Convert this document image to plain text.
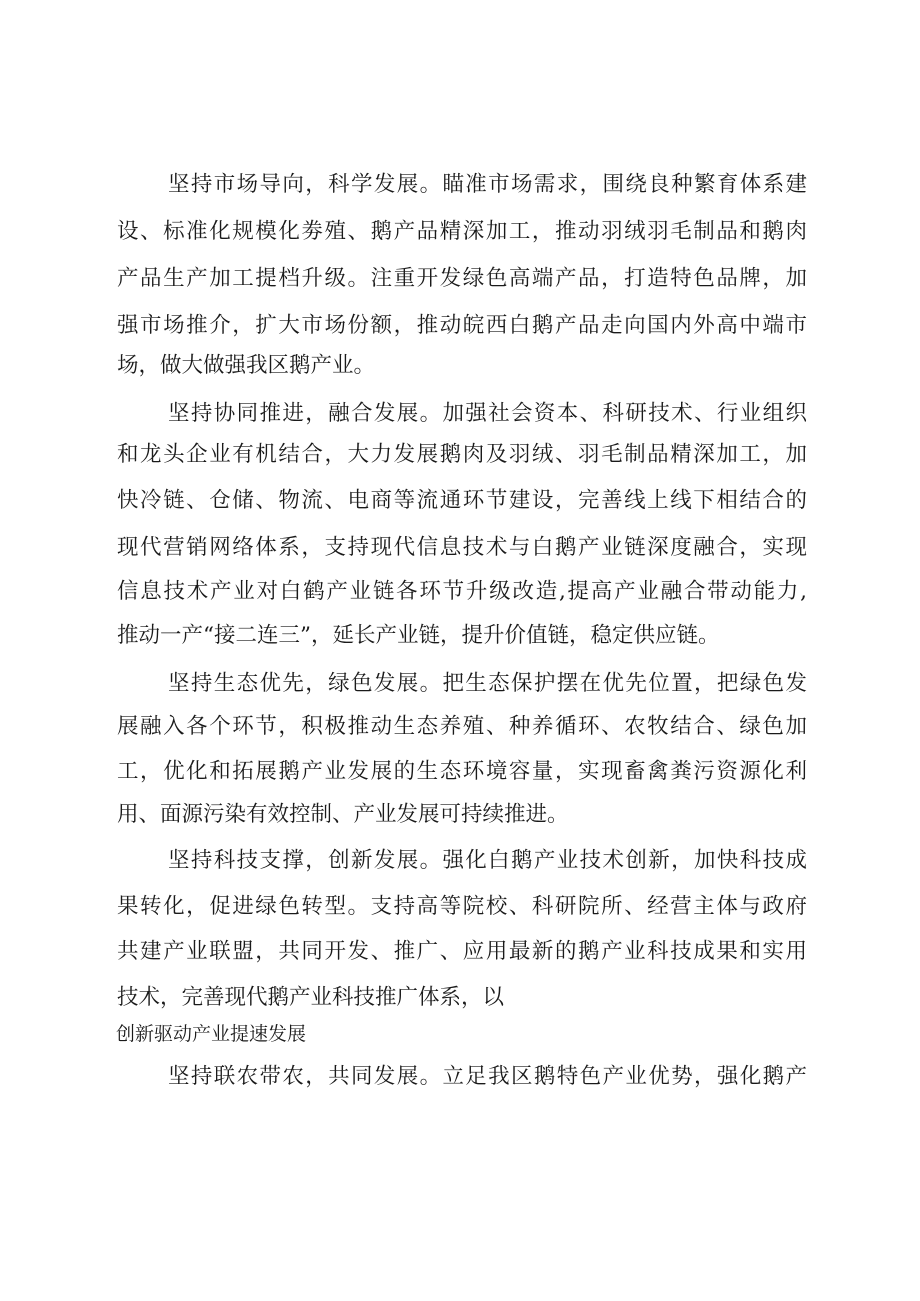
坚持市场导向，科学发展。瞄准市场需求，围绕良种繁育体系建
设、标准化规模化劵殖、鹅产品精深加工，推动羽绒羽毛制品和鹅肉
产品生产加工提档升级。注重开发绿色高端产品，打造特色品牌，加
强市场推介，扩大市场份额，推动皖西白鹅产品走向国内外高中端市
场，做大做强我区鹅产业。
坚持协同推进，融合发展。加强社会资本、科研技术、行业组织
和龙头企业有机结合，大力发展鹅肉及羽绒、羽毛制品精深加工，加
快冷链、仓储、物流、电商等流通环节建设，完善线上线下相结合的
现代营销网络体系，支持现代信息技术与白鹅产业链深度融合，实现
信息技术产业对白鹤产业链各环节升级改造,提高产业融合带动能力,
推动一产“接二连三”，延长产业链，提升价值链，稳定供应链。
坚持生态优先，绿色发展。把生态保护摆在优先位置，把绿色发
展融入各个环节，积极推动生态养殖、种养循环、农牧结合、绿色加
工，优化和拓展鹅产业发展的生态环境容量，实现畜禽粪污资源化利
用、面源污染有效控制、产业发展可持续推进。
坚持科技支撑，创新发展。强化白鹅产业技术创新，加快科技成
果转化，促进绿色转型。支持高等院校、科研院所、经营主体与政府
共建产业联盟，共同开发、推广、应用最新的鹅产业科技成果和实用
技术，完善现代鹅产业科技推广体系，以
创新驱动产业提速发展
坚持联农带农，共同发展。立足我区鹅特色产业优势，强化鹅产
